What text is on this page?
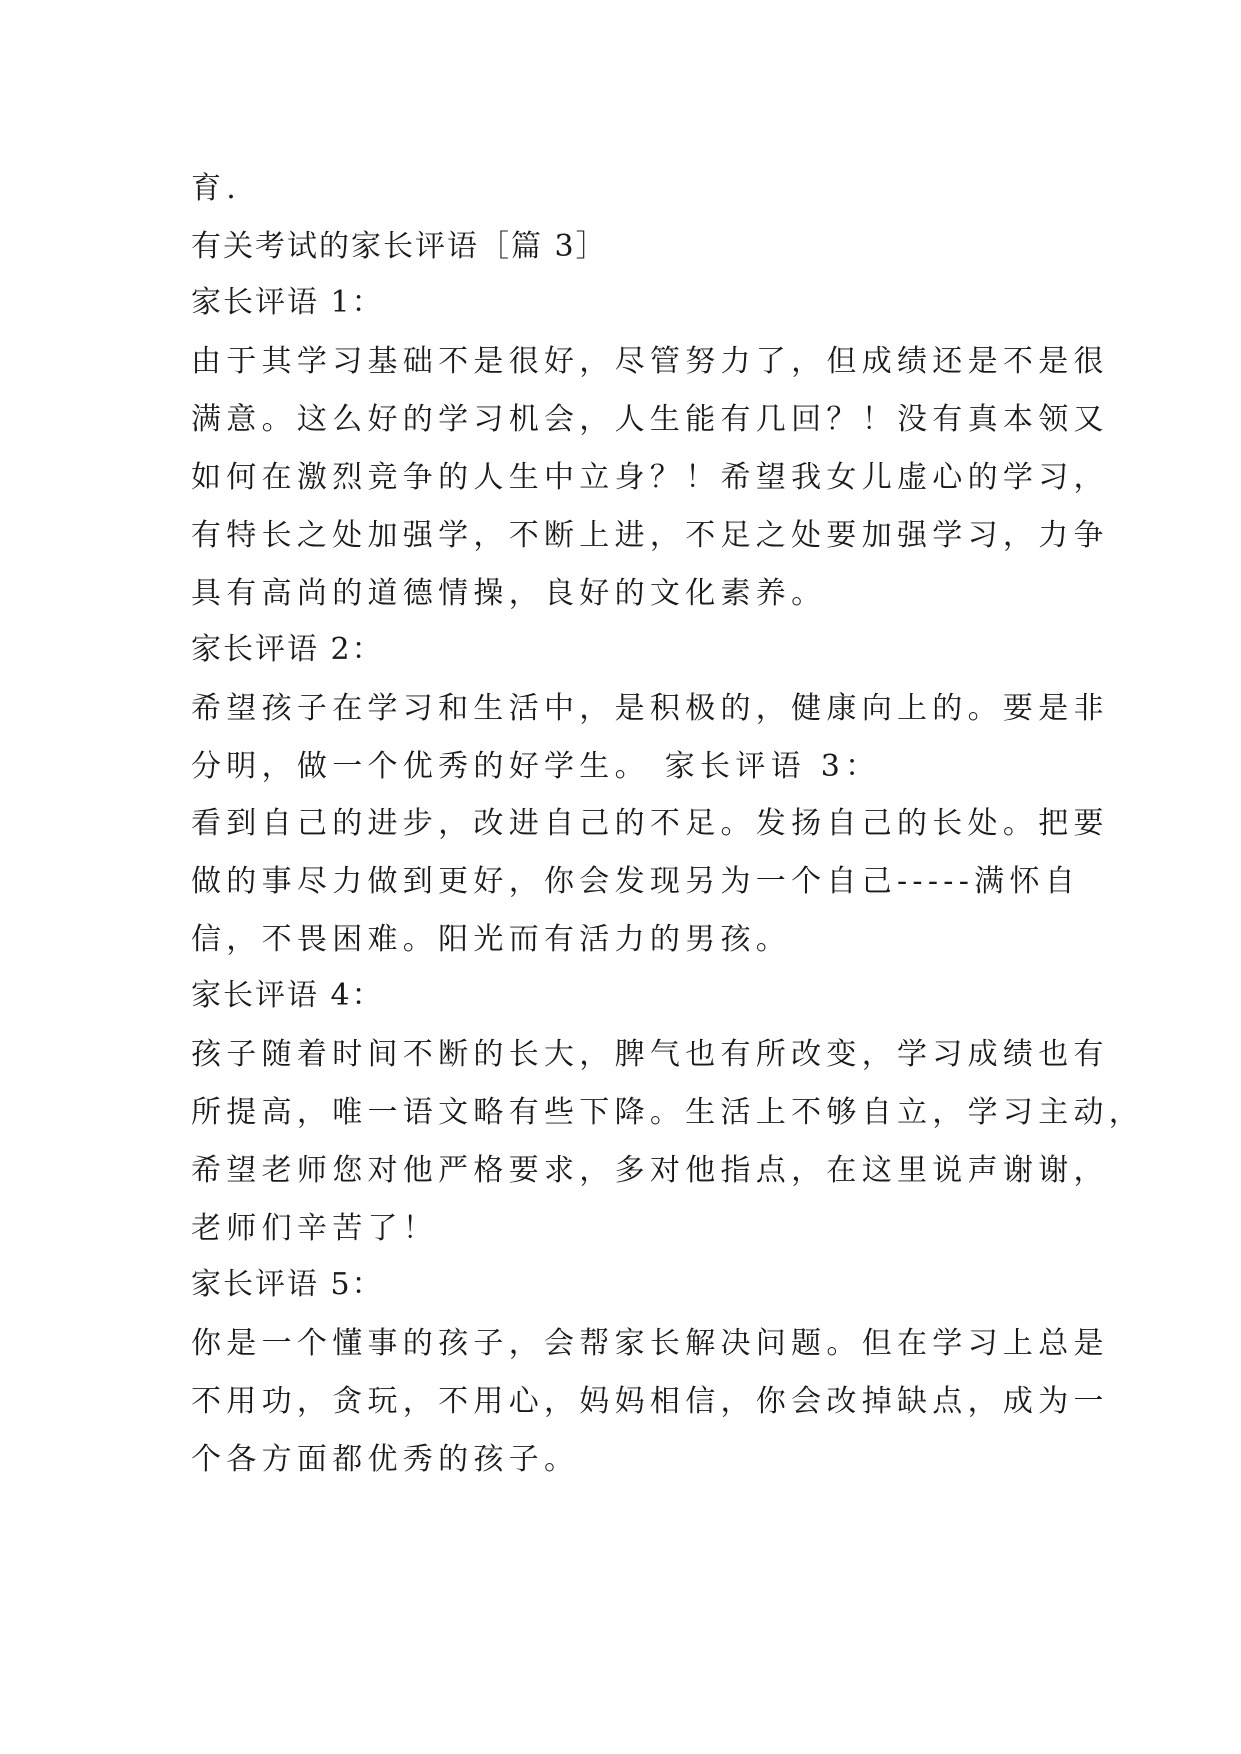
育.
有关考试的家长评语［篇 3］
家长评语 1：
由于其学习基础不是很好，尽管努力了，但成绩还是不是很
满意。这么好的学习机会，人生能有几回？！没有真本领又
如何在激烈竞争的人生中立身？！希望我女儿虚心的学习，
有特长之处加强学，不断上进，不足之处要加强学习，力争
具有高尚的道德情操，良好的文化素养。
家长评语 2：
希望孩子在学习和生活中，是积极的，健康向上的。要是非
分明，做一个优秀的好学生。 家长评语 3：
看到自己的进步，改进自己的不足。发扬自己的长处。把要
做的事尽力做到更好，你会发现另为一个自己-----满怀自
信，不畏困难。阳光而有活力的男孩。
家长评语 4：
孩子随着时间不断的长大，脾气也有所改变，学习成绩也有
所提高，唯一语文略有些下降。生活上不够自立，学习主动，
希望老师您对他严格要求，多对他指点，在这里说声谢谢，
老师们辛苦了！
家长评语 5：
你是一个懂事的孩子，会帮家长解决问题。但在学习上总是
不用功，贪玩，不用心，妈妈相信，你会改掉缺点，成为一
个各方面都优秀的孩子。
